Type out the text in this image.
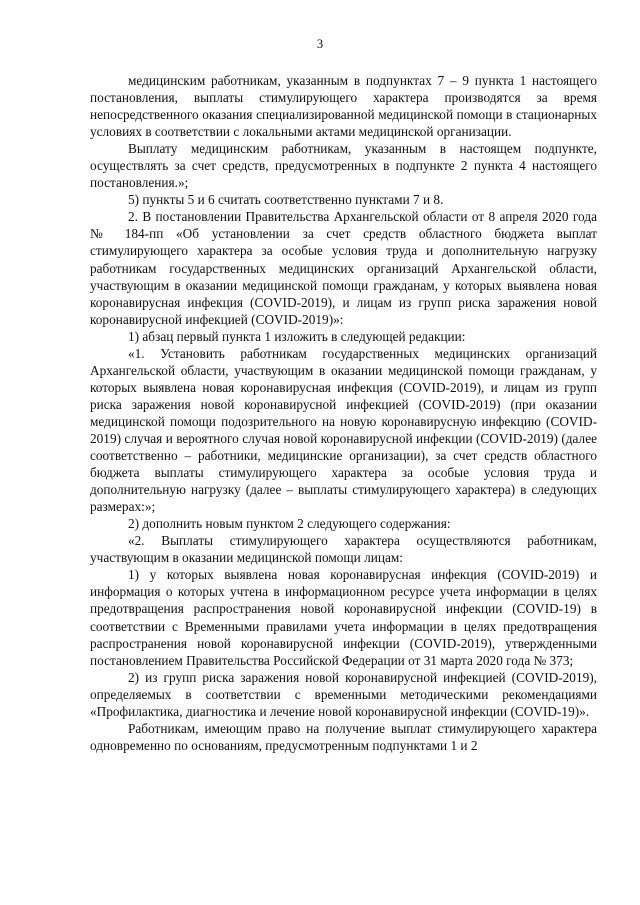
3

медицинским работникам, указанным в подпунктах 7 – 9 пункта 1 настоящего постановления, выплаты стимулирующего характера производятся за время непосредственного оказания специализированной медицинской помощи в стационарных условиях в соответствии с локальными актами медицинской организации.

Выплату медицинским работникам, указанным в настоящем подпункте, осуществлять за счет средств, предусмотренных в подпункте 2 пункта 4 настоящего постановления.»;

5) пункты 5 и 6 считать соответственно пунктами 7 и 8.

2. В постановлении Правительства Архангельской области от 8 апреля 2020 года № 184-пп «Об установлении за счет средств областного бюджета выплат стимулирующего характера за особые условия труда и дополнительную нагрузку работникам государственных медицинских организаций Архангельской области, участвующим в оказании медицинской помощи гражданам, у которых выявлена новая коронавирусная инфекция (COVID-2019), и лицам из групп риска заражения новой коронавирусной инфекцией (COVID-2019)»:

1) абзац первый пункта 1 изложить в следующей редакции:

«1. Установить работникам государственных медицинских организаций Архангельской области, участвующим в оказании медицинской помощи гражданам, у которых выявлена новая коронавирусная инфекция (COVID-2019), и лицам из групп риска заражения новой коронавирусной инфекцией (COVID-2019) (при оказании медицинской помощи подозрительного на новую коронавирусную инфекцию (COVID-2019) случая и вероятного случая новой коронавирусной инфекции (COVID-2019) (далее соответственно – работники, медицинские организации), за счет средств областного бюджета выплаты стимулирующего характера за особые условия труда и дополнительную нагрузку (далее – выплаты стимулирующего характера) в следующих размерах:»;

2) дополнить новым пунктом 2 следующего содержания:

«2. Выплаты стимулирующего характера осуществляются работникам, участвующим в оказании медицинской помощи лицам:

1) у которых выявлена новая коронавирусная инфекция (COVID-2019) и информация о которых учтена в информационном ресурсе учета информации в целях предотвращения распространения новой коронавирусной инфекции (COVID-19) в соответствии с Временными правилами учета информации в целях предотвращения распространения новой коронавирусной инфекции (COVID-2019), утвержденными постановлением Правительства Российской Федерации от 31 марта 2020 года № 373;

2) из групп риска заражения новой коронавирусной инфекцией (COVID-2019), определяемых в соответствии с временными методическими рекомендациями «Профилактика, диагностика и лечение новой коронавирусной инфекции (COVID-19)».

Работникам, имеющим право на получение выплат стимулирующего характера одновременно по основаниям, предусмотренным подпунктами 1 и 2
